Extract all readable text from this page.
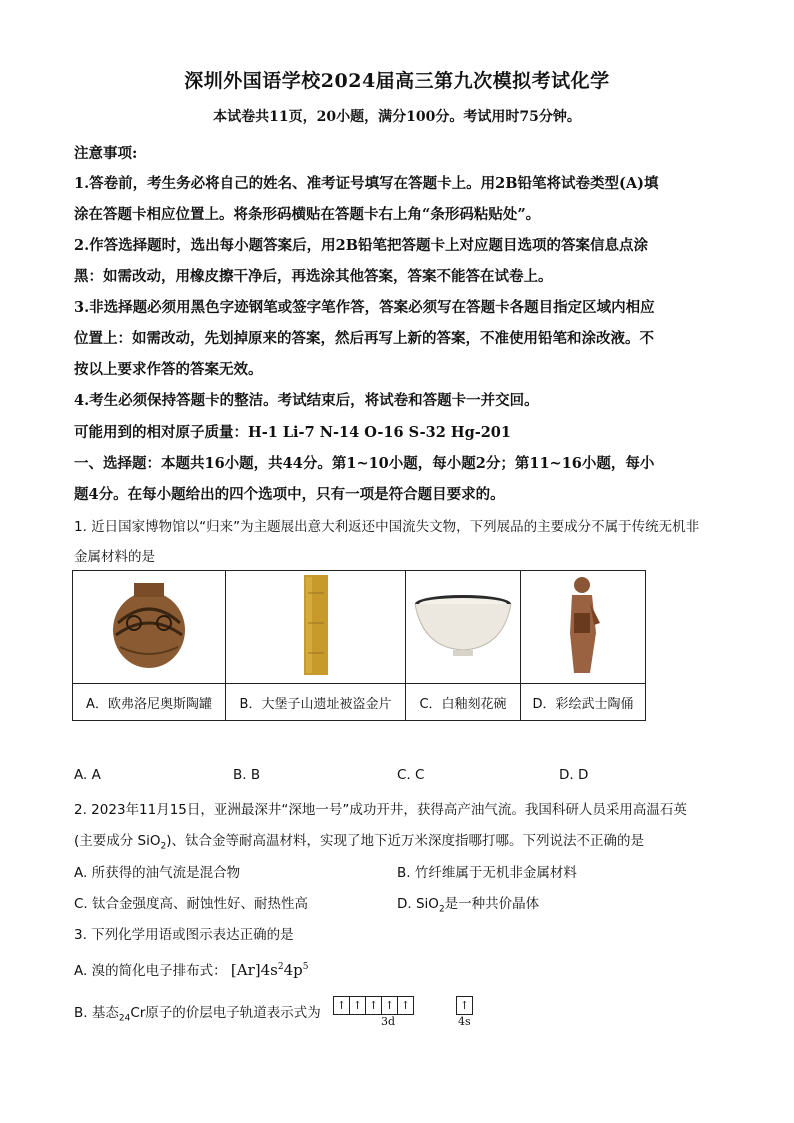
深圳外国语学校2024届高三第九次模拟考试化学
本试卷共11页，20小题，满分100分。考试用时75分钟。
注意事项:
1.答卷前，考生务必将自己的姓名、准考证号填写在答题卡上。用2B铅笔将试卷类型(A)填
涂在答题卡相应位置上。将条形码横贴在答题卡右上角“条形码粘贴处”。
2.作答选择题时，选出每小题答案后，用2B铅笔把答题卡上对应题目选项的答案信息点涂
黑：如需改动，用橡皮擦干净后，再选涂其他答案，答案不能答在试卷上。
3.非选择题必须用黑色字迹钢笔或签字笔作答，答案必须写在答题卡各题目指定区域内相应
位置上：如需改动，先划掉原来的答案，然后再写上新的答案，不准使用铅笔和涂改液。不
按以上要求作答的答案无效。
4.考生必须保持答题卡的整洁。考试结束后，将试卷和答题卡一并交回。
可能用到的相对原子质量：H-1 Li-7 N-14 O-16 S-32 Hg-201
一、选择题：本题共16小题，共44分。第1~10小题，每小题2分；第11~16小题，每小
题4分。在每小题给出的四个选项中，只有一项是符合题目要求的。
1. 近日国家博物馆以“归来”为主题展出意大利返还中国流失文物，下列展品的主要成分不属于传统无机非
金属材料的是

A．欧弗洛尼奥斯陶罐	B．大堡子山遗址被盗金片	C．白釉刻花碗	D．彩绘武士陶俑
A. A	B. B	C. C	D. D
2. 2023年11月15日，亚洲最深井“深地一号”成功开井，获得高产油气流。我国科研人员采用高温石英
(主要成分 SiO$_2$)、钛合金等耐高温材料，实现了地下近万米深度指哪打哪。下列说法不正确的是
A. 所获得的油气流是混合物	B. 竹纤维属于无机非金属材料
C. 钛合金强度高、耐蚀性好、耐热性高	D. SiO$_2$是一种共价晶体
3. 下列化学用语或图示表达正确的是
A. 溴的简化电子排布式： $[Ar]4s^24p^5$
B. 基态$_{24}$Cr原子的价层电子轨道表示式为 ↑ ↑ ↑ ↑ ↑	↑
3d	4s
